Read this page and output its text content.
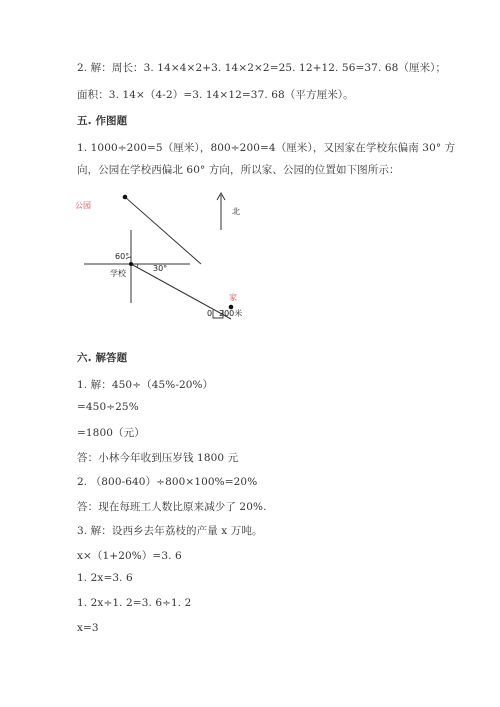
2. 解：周长：3. 14×4×2+3. 14×2×2=25. 12+12. 56=37. 68（厘米）；
面积：3. 14×（4-2）=3. 14×12=37. 68（平方厘米）。
五. 作图题
1. 1000÷200=5（厘米），800÷200=4（厘米），又因家在学校东偏南 30° 方
向，公园在学校西偏北 60° 方向，所以家、公园的位置如下图所示：
公园
60°
30°
学校
家
北
0 200米
六. 解答题
1. 解：450÷（45%-20%）
=450÷25%
=1800（元）
答：小林今年收到压岁钱 1800 元
2. （800-640）÷800×100%=20%
答：现在每班工人数比原来减少了 20%.
3. 解：设西乡去年荔枝的产量 x 万吨。
x×（1+20%）=3. 6
1. 2x=3. 6
1. 2x÷1. 2=3. 6÷1. 2
x=3
